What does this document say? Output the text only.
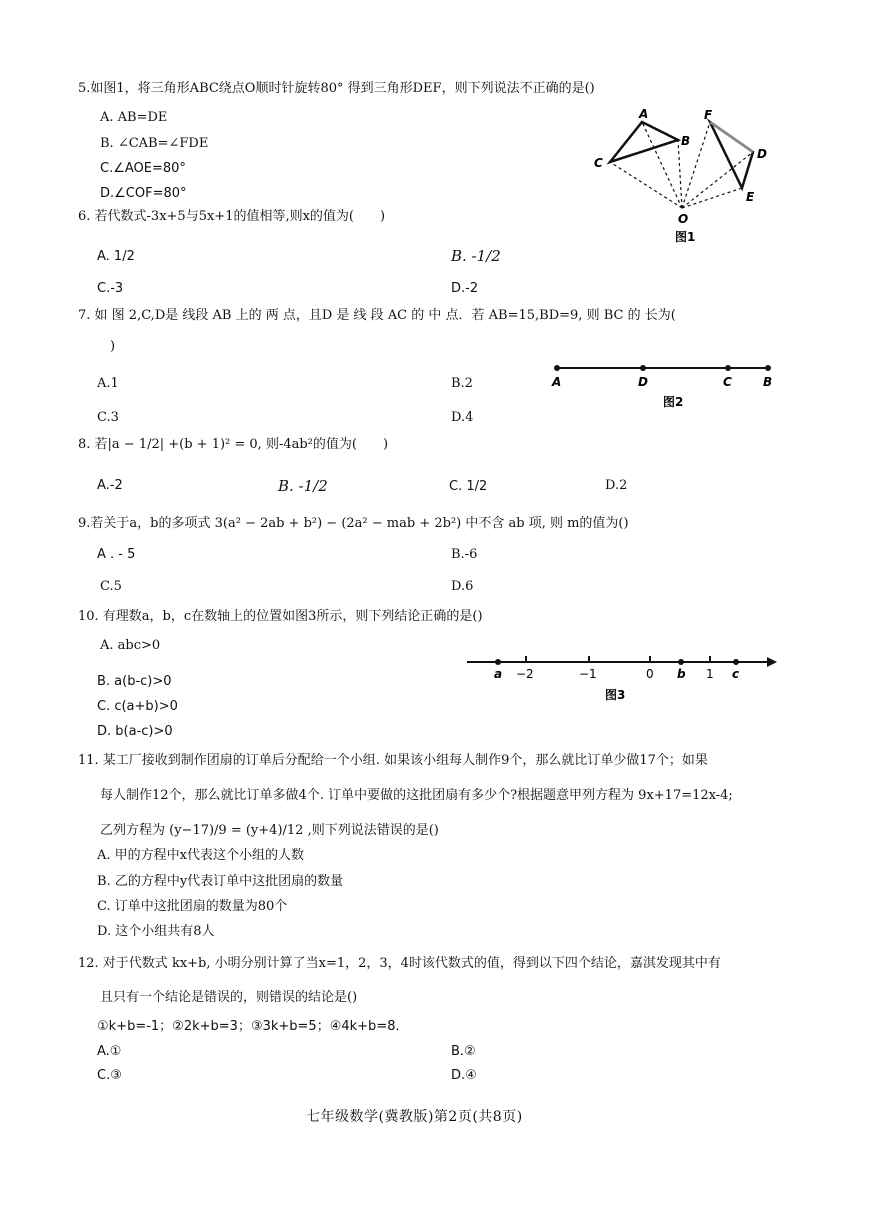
5.如图1，将三角形ABC绕点O顺时针旋转80° 得到三角形DEF，则下列说法不正确的是()
A. AB=DE
B. ∠CAB=∠FDE
C.∠AOE=80°
D.∠COF=80°
A
B
C
O
F
D
E
图1
6. 若代数式-3x+5与5x+1的值相等,则x的值为(　　)
A. 1/2	B. -1/2
C.-3	D.-2
7. 如 图 2,C,D是 线段 AB 上的 两 点，且D 是 线 段 AC 的 中 点．若 AB=15,BD=9, 则 BC 的 长为(
)
A.1	B.2
C.3	D.4
A	D	C	B
图2
8. 若|a − 1/2| +(b + 1)² = 0, 则-4ab²的值为(　　)
A.-2	B. -1/2	C. 1/2	D.2
9.若关于a，b的多项式 3(a² − 2ab + b²) − (2a² − mab + 2b²) 中不含 ab 项, 则 m的值为()
A . - 5	B.-6
C.5	D.6
10. 有理数a，b，c在数轴上的位置如图3所示，则下列结论正确的是()
A. abc>0
B. a(b-c)>0
C. c(a+b)>0
D. b(a-c)>0
a	b	c
−2	−1	0	1
图3
11. 某工厂接收到制作团扇的订单后分配给一个小组. 如果该小组每人制作9个，那么就比订单少做17个；如果
每人制作12个，那么就比订单多做4个. 订单中要做的这批团扇有多少个?根据题意甲列方程为 9x+17=12x-4;
乙列方程为 (y−17)/9 = (y+4)/12 ,则下列说法错误的是()
A. 甲的方程中x代表这个小组的人数
B. 乙的方程中y代表订单中这批团扇的数量
C. 订单中这批团扇的数量为80个
D. 这个小组共有8人
12. 对于代数式 kx+b, 小明分别计算了当x=1，2，3，4时该代数式的值，得到以下四个结论，嘉淇发现其中有
且只有一个结论是错误的，则错误的结论是()
①k+b=-1；②2k+b=3；③3k+b=5；④4k+b=8．
A.①	B.②
C.③	D.④
七年级数学(冀教版)第2页(共8页)
